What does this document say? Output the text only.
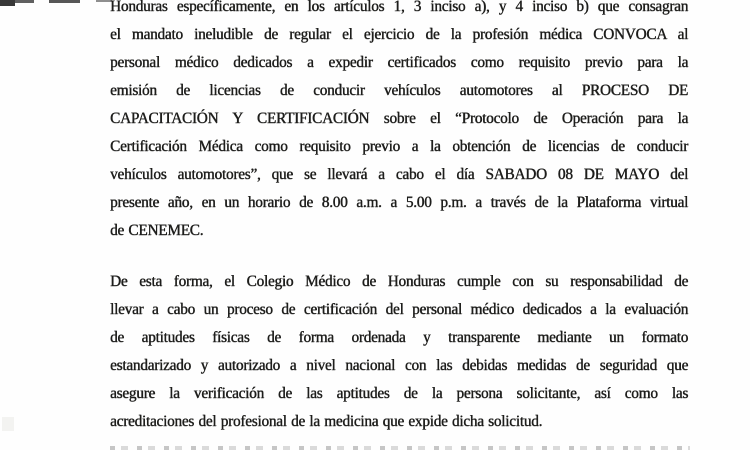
Honduras específicamente, en los artículos 1, 3 inciso a), y 4 inciso b) que consagran
el mandato ineludible de regular el ejercicio de la profesión médica CONVOCA al
personal médico dedicados a expedir certificados como requisito previo para la
emisión de licencias de conducir vehículos automotores al PROCESO DE
CAPACITACIÓN Y CERTIFICACIÓN sobre el “Protocolo de Operación para la
Certificación Médica como requisito previo a la obtención de licencias de conducir
vehículos automotores”, que se llevará a cabo el día SABADO 08 DE MAYO del
presente año, en un horario de 8.00 a.m. a 5.00 p.m. a través de la Plataforma virtual
de CENEMEC.
De esta forma, el Colegio Médico de Honduras cumple con su responsabilidad de
llevar a cabo un proceso de certificación del personal médico dedicados a la evaluación
de aptitudes físicas de forma ordenada y transparente mediante un formato
estandarizado y autorizado a nivel nacional con las debidas medidas de seguridad que
asegure la verificación de las aptitudes de la persona solicitante, así como las
acreditaciones del profesional de la medicina que expide dicha solicitud.
